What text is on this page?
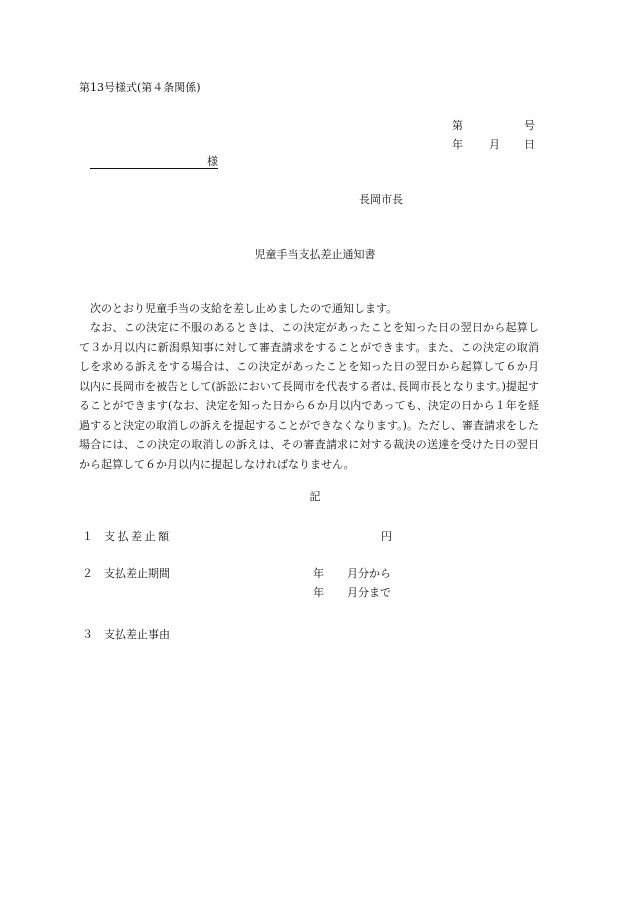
第13号様式(第４条関係)
第	号
年 月 日
様
長岡市長
児童手当支払差止通知書

次のとおり児童手当の支給を差し止めましたので通知します。

なお、この決定に不服のあるときは、この決定があったことを知った日の翌日から起算して３か月以内に新潟県知事に対して審査請求をすることができます。また、この決定の取消しを求める訴えをする場合は、この決定があったことを知った日の翌日から起算して６か月以内に長岡市を被告として(訴訟において長岡市を代表する者は､長岡市長となります。)提起することができます(なお、決定を知った日から６か月以内であっても、決定の日から１年を経過すると決定の取消しの訴えを提起することができなくなります。)。ただし、審査請求をした場合には、この決定の取消しの訴えは、その審査請求に対する裁決の送達を受けた日の翌日から起算して６か月以内に提起しなければなりません。

記
１ 支払差止額	円
２ 支払差止期間	年 月分から
年 月分まで
３ 支払差止事由
